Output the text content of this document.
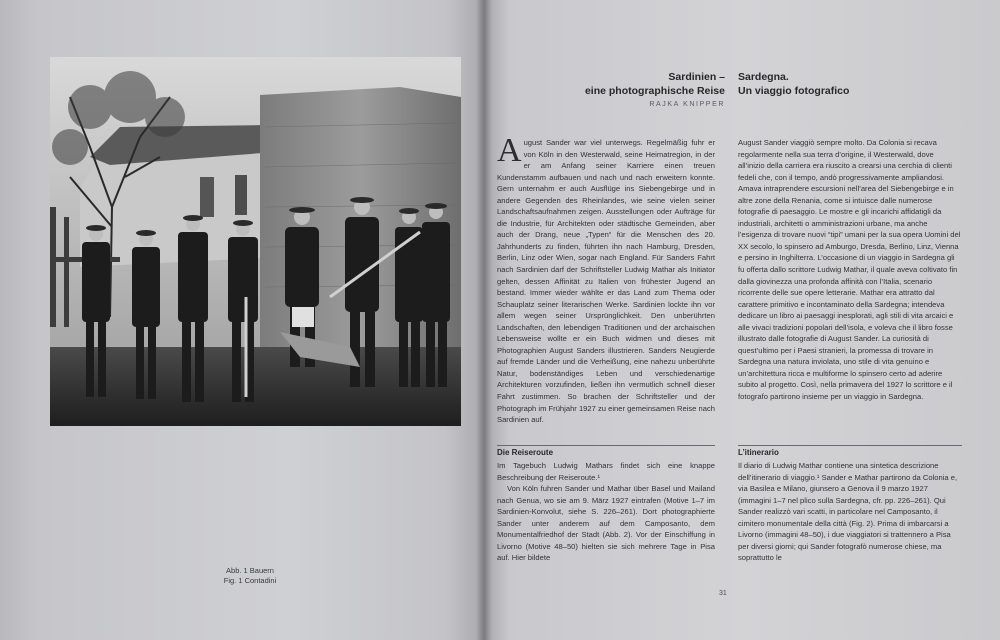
Abb. 1 Bauern
Fig. 1 Contadini
Sardinien –
eine photographische Reise
RAJKA KNIPPER
Sardegna.
Un viaggio fotografico

August Sander war viel unterwegs. Regelmäßig fuhr er von Köln in den Westerwald, seine Heimatregion, in der er am Anfang seiner Karriere einen treuen Kundenstamm aufbauen und nach und nach erweitern konnte. Gern unternahm er auch Ausflüge ins Siebengebirge und in andere Gegenden des Rheinlandes, wie seine vielen seiner Landschaftsaufnahmen zeigen. Ausstellungen oder Aufträge für die Industrie, für Architekten oder städtische Gemeinden, aber auch der Drang, neue „Typen“ für die Menschen des 20. Jahrhunderts zu finden, führten ihn nach Hamburg, Dresden, Berlin, Linz oder Wien, sogar nach England. Für Sanders Fahrt nach Sardinien darf der Schriftsteller Ludwig Mathar als Initiator gelten, dessen Affinität zu Italien von frühester Jugend an bestand. Immer wieder wählte er das Land zum Thema oder Schauplatz seiner literarischen Werke. Sardinien lockte ihn vor allem wegen seiner Ursprünglichkeit. Den unberührten Landschaften, den lebendigen Traditionen und der archaischen Lebensweise wollte er ein Buch widmen und dieses mit Photographien August Sanders illustrieren. Sanders Neugierde auf fremde Länder und die Verheißung, eine nahezu unberührte Natur, bodenständiges Leben und verschiedenartige Architekturen vorzufinden, ließen ihn vermutlich schnell dieser Fahrt zustimmen. So brachen der Schriftsteller und der Photograph im Frühjahr 1927 zu einer gemeinsamen Reise nach Sardinien auf.

Die Reiseroute

Im Tagebuch Ludwig Mathars findet sich eine knappe Beschreibung der Reiseroute.¹

Von Köln fuhren Sander und Mathar über Basel und Mailand nach Genua, wo sie am 9. März 1927 eintrafen (Motive 1–7 im Sardinien-Konvolut, siehe S. 226–261). Dort photographierte Sander unter anderem auf dem Camposanto, dem Monumentalfriedhof der Stadt (Abb. 2). Vor der Einschiffung in Livorno (Motive 48–50) hielten sie sich mehrere Tage in Pisa auf. Hier bildete

August Sander viaggiò sempre molto. Da Colonia si recava regolarmente nella sua terra d’origine, il Westerwald, dove all’inizio della carriera era riuscito a crearsi una cerchia di clienti fedeli che, con il tempo, andò progressivamente ampliandosi. Amava intraprendere escursioni nell’area del Siebengebirge e in altre zone della Renania, come si intuisce dalle numerose fotografie di paesaggio. Le mostre e gli incarichi affidatigli da industriali, architetti o amministrazioni urbane, ma anche l’esigenza di trovare nuovi “tipi” umani per la sua opera Uomini del XX secolo, lo spinsero ad Amburgo, Dresda, Berlino, Linz, Vienna e persino in Inghilterra. L’occasione di un viaggio in Sardegna gli fu offerta dallo scrittore Ludwig Mathar, il quale aveva coltivato fin dalla giovinezza una profonda affinità con l’Italia, scenario ricorrente delle sue opere letterarie. Mathar era attratto dal carattere primitivo e incontaminato della Sardegna; intendeva dedicare un libro ai paesaggi inesplorati, agli stili di vita arcaici e alle vivaci tradizioni popolari dell’isola, e voleva che il libro fosse illustrato dalle fotografie di August Sander. La curiosità di quest’ultimo per i Paesi stranieri, la promessa di trovare in Sardegna una natura inviolata, uno stile di vita genuino e un’architettura ricca e multiforme lo spinsero certo ad aderire subito al progetto. Così, nella primavera del 1927 lo scrittore e il fotografo partirono insieme per un viaggio in Sardegna.

L’itinerario

Il diario di Ludwig Mathar contiene una sintetica descrizione dell’itinerario di viaggio.¹ Sander e Mathar partirono da Colonia e, via Basilea e Milano, giunsero a Genova il 9 marzo 1927 (immagini 1–7 nel plico sulla Sardegna, cfr. pp. 226–261). Qui Sander realizzò vari scatti, in particolare nel Camposanto, il cimitero monumentale della città (Fig. 2). Prima di imbarcarsi a Livorno (immagini 48–50), i due viaggiatori si trattennero a Pisa per diversi giorni; qui Sander fotografò numerose chiese, ma soprattutto le

31
